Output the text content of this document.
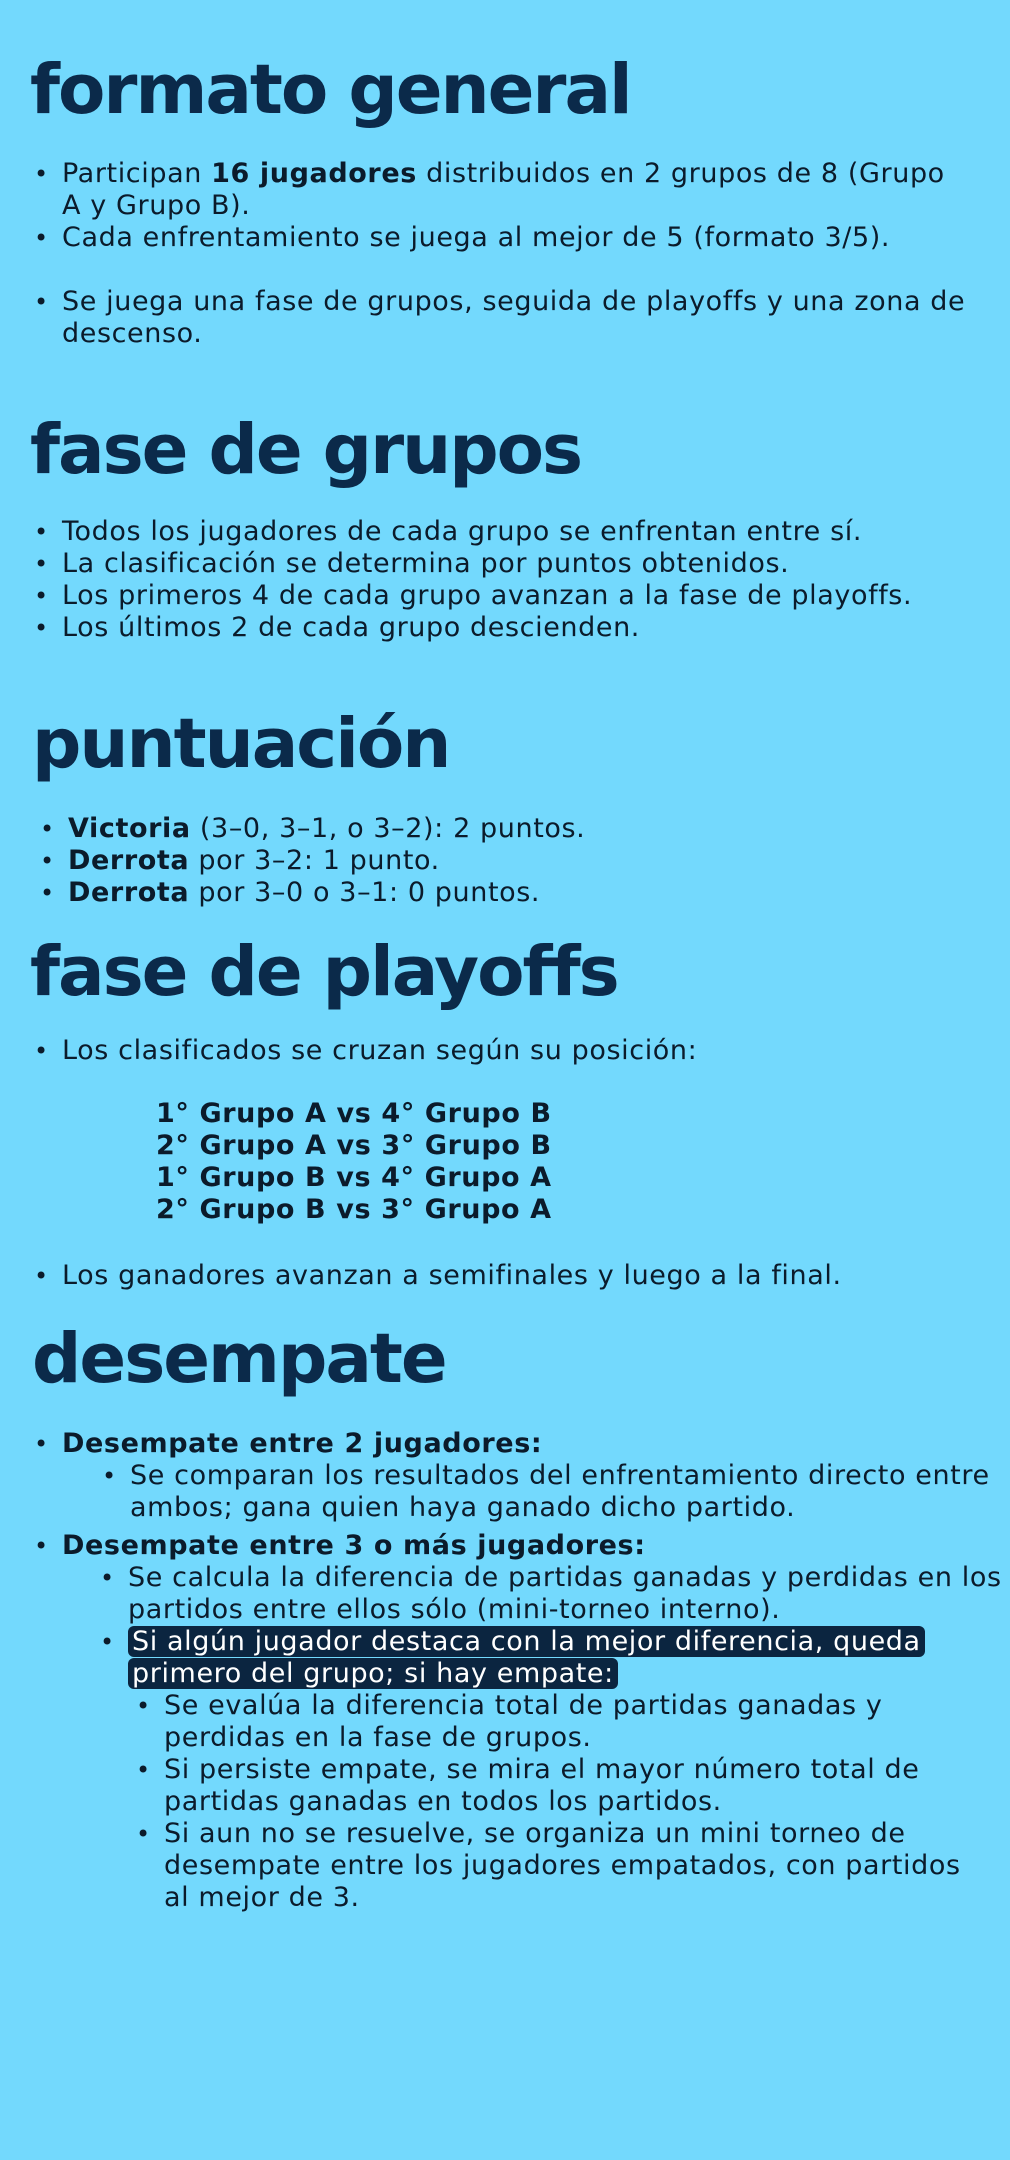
formato general
• Participan 16 jugadores distribuidos en 2 grupos de 8 (Grupo A y Grupo B).
• Cada enfrentamiento se juega al mejor de 5 (formato 3/5).
• Se juega una fase de grupos, seguida de playoffs y una zona de descenso.
fase de grupos
• Todos los jugadores de cada grupo se enfrentan entre sí.
• La clasificación se determina por puntos obtenidos.
• Los primeros 4 de cada grupo avanzan a la fase de playoffs.
• Los últimos 2 de cada grupo descienden.
puntuación
• Victoria (3–0, 3–1, o 3–2): 2 puntos.
• Derrota por 3–2: 1 punto.
• Derrota por 3–0 o 3–1: 0 puntos.
fase de playoffs
• Los clasificados se cruzan según su posición:
1° Grupo A vs 4° Grupo B
2° Grupo A vs 3° Grupo B
1° Grupo B vs 4° Grupo A
2° Grupo B vs 3° Grupo A
• Los ganadores avanzan a semifinales y luego a la final.
desempate
• Desempate entre 2 jugadores:
• Se comparan los resultados del enfrentamiento directo entre ambos; gana quien haya ganado dicho partido.
• Desempate entre 3 o más jugadores:
• Se calcula la diferencia de partidas ganadas y perdidas en los partidos entre ellos sólo (mini-torneo interno).
• Si algún jugador destaca con la mejor diferencia, queda primero del grupo; si hay empate:
• Se evalúa la diferencia total de partidas ganadas y perdidas en la fase de grupos.
• Si persiste empate, se mira el mayor número total de partidas ganadas en todos los partidos.
• Si aun no se resuelve, se organiza un mini torneo de desempate entre los jugadores empatados, con partidos al mejor de 3.
